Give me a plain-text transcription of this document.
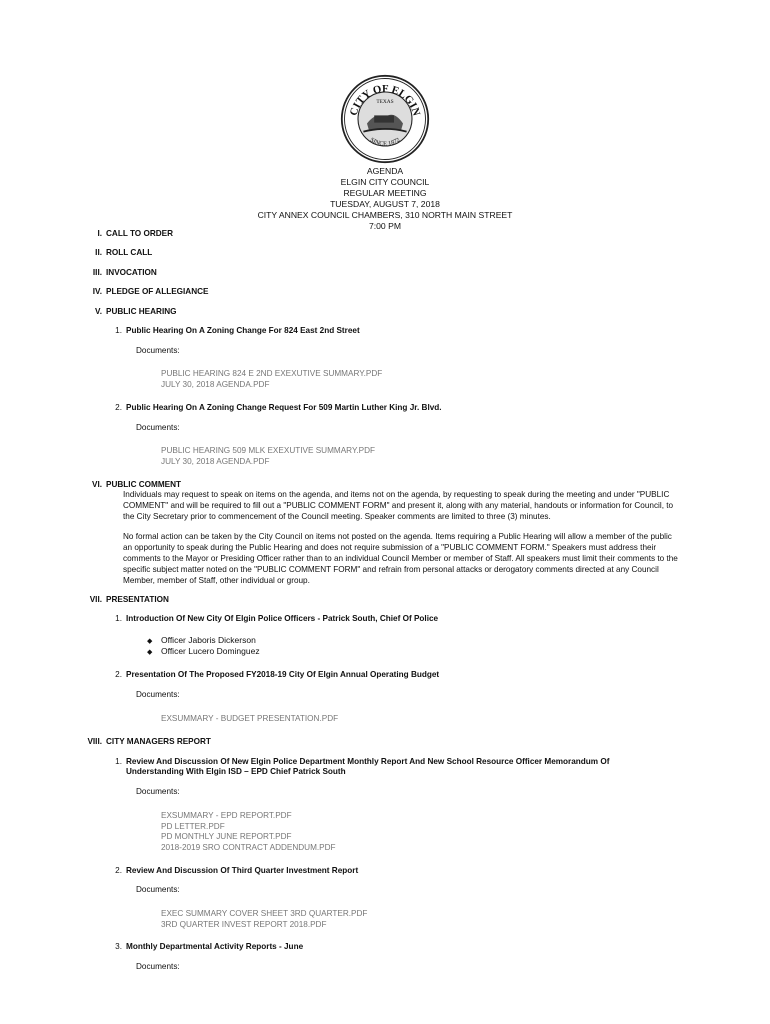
CITY OF ELGIN
TEXAS
SINCE 1872
AGENDA
ELGIN CITY COUNCIL
REGULAR MEETING
TUESDAY, AUGUST 7, 2018
CITY ANNEX COUNCIL CHAMBERS, 310 NORTH MAIN STREET
7:00 PM
I. CALL TO ORDER
II. ROLL CALL
III. INVOCATION
IV. PLEDGE OF ALLEGIANCE
V. PUBLIC HEARING
1. Public Hearing On A Zoning Change For 824 East 2nd Street
Documents:
PUBLIC HEARING 824 E 2ND EXEXUTIVE SUMMARY.PDF
JULY 30, 2018 AGENDA.PDF
2. Public Hearing On A Zoning Change Request For 509 Martin Luther King Jr. Blvd.
Documents:
PUBLIC HEARING 509 MLK EXEXUTIVE SUMMARY.PDF
JULY 30, 2018 AGENDA.PDF
VI. PUBLIC COMMENT
Individuals may request to speak on items on the agenda, and items not on the agenda, by requesting to speak during the meeting and under "PUBLIC COMMENT" and will be required to fill out a "PUBLIC COMMENT FORM" and present it, along with any material, handouts or information for Council, to the City Secretary prior to commencement of the Council meeting. Speaker comments are limited to three (3) minutes.
No formal action can be taken by the City Council on items not posted on the agenda. Items requiring a Public Hearing will allow a member of the public an opportunity to speak during the Public Hearing and does not require submission of a "PUBLIC COMMENT FORM." Speakers must address their comments to the Mayor or Presiding Officer rather than to an individual Council Member or member of Staff. All speakers must limit their comments to the specific subject matter noted on the "PUBLIC COMMENT FORM" and refrain from personal attacks or derogatory comments directed at any Council Member, member of Staff, other individual or group.
VII. PRESENTATION
1. Introduction Of New City Of Elgin Police Officers - Patrick South, Chief Of Police
◆ Officer Jaboris Dickerson
◆ Officer Lucero Dominguez
2. Presentation Of The Proposed FY2018-19 City Of Elgin Annual Operating Budget
Documents:
EXSUMMARY - BUDGET PRESENTATION.PDF
VIII. CITY MANAGERS REPORT
1. Review And Discussion Of New Elgin Police Department Monthly Report And New School Resource Officer Memorandum Of
Understanding With Elgin ISD – EPD Chief Patrick South
Documents:
EXSUMMARY - EPD REPORT.PDF
PD LETTER.PDF
PD MONTHLY JUNE REPORT.PDF
2018-2019 SRO CONTRACT ADDENDUM.PDF
2. Review And Discussion Of Third Quarter Investment Report
Documents:
EXEC SUMMARY COVER SHEET 3RD QUARTER.PDF
3RD QUARTER INVEST REPORT 2018.PDF
3. Monthly Departmental Activity Reports - June
Documents:
